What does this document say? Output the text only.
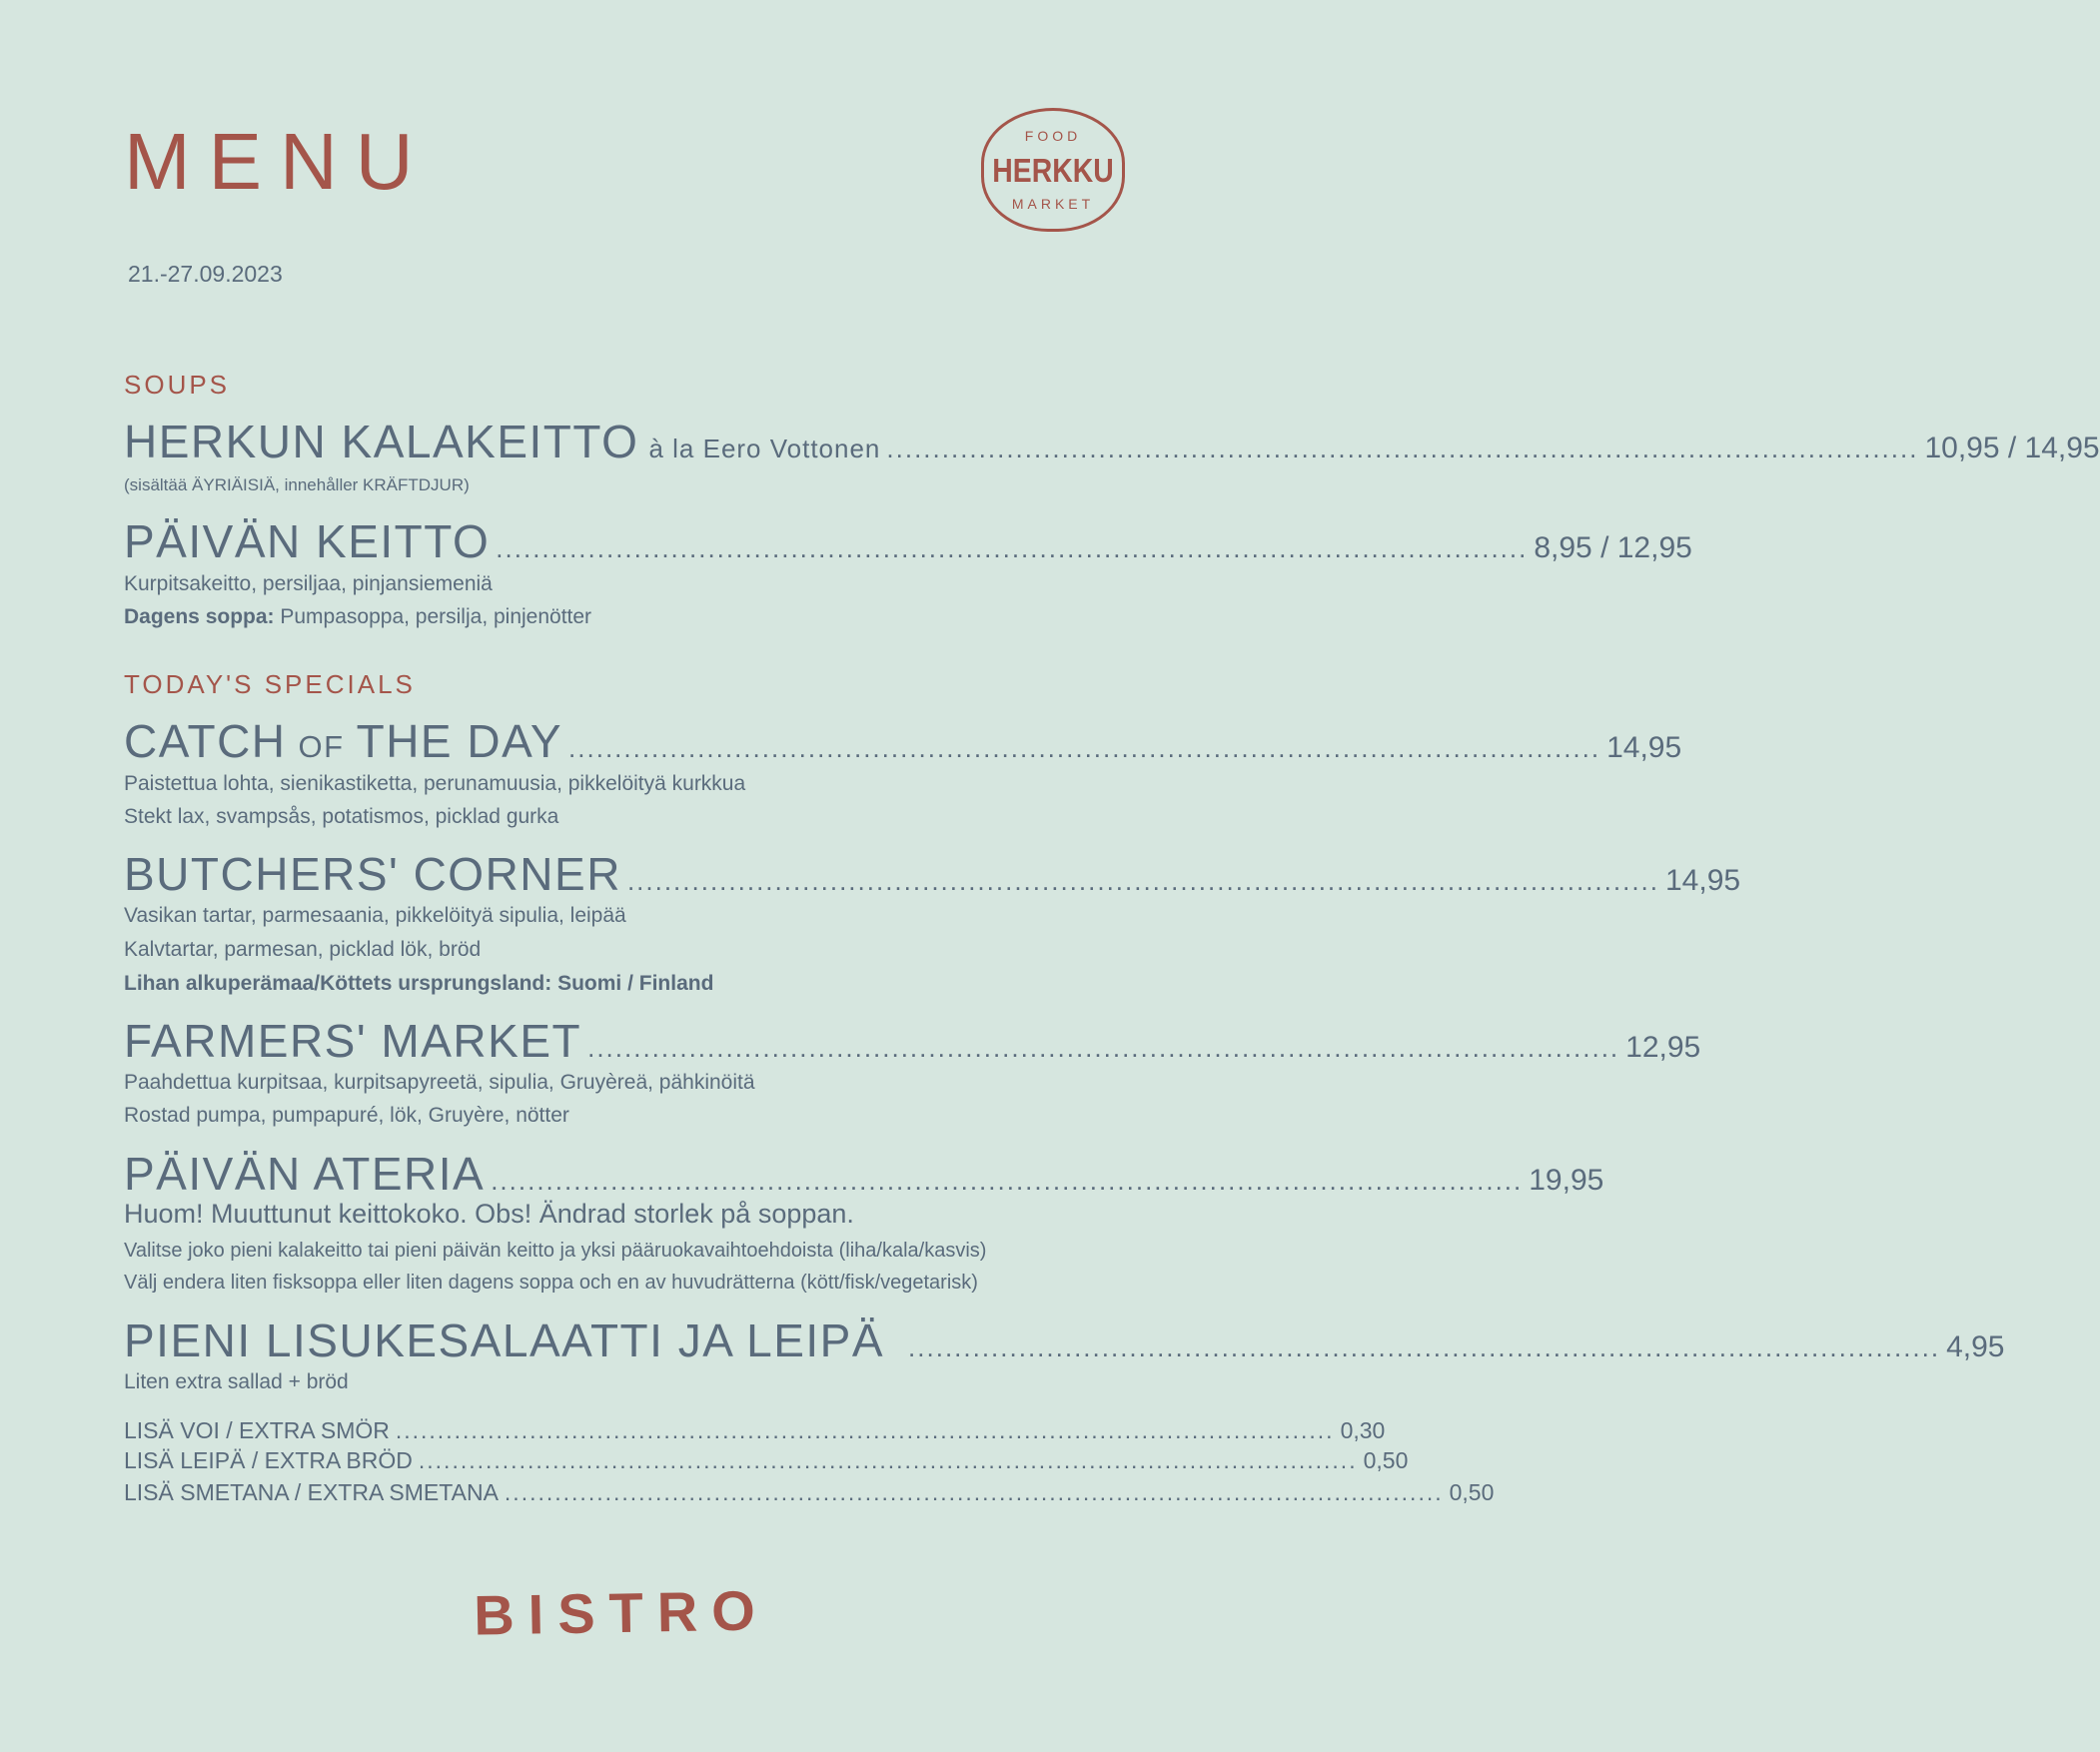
MENU
21.-27.09.2023
FOOD
HERKKU
MARKET
SOUPS
HERKUN KALAKEITTO à la Eero Vottonen ................................................................................................................ 10,95 / 14,95
(sisältää ÄYRIÄISIÄ, innehåller KRÄFTDJUR)
PÄIVÄN KEITTO ................................................................................................................ 8,95 / 12,95
Kurpitsakeitto, persiljaa, pinjansiemeniä
Dagens soppa: Pumpasoppa, persilja, pinjenötter
TODAY'S SPECIALS
CATCH OF THE DAY ................................................................................................................ 14,95
Paistettua lohta, sienikastiketta, perunamuusia, pikkelöityä kurkkua
Stekt lax, svampsås, potatismos, picklad gurka
BUTCHERS' CORNER ................................................................................................................ 14,95
Vasikan tartar, parmesaania, pikkelöityä sipulia, leipää
Kalvtartar, parmesan, picklad lök, bröd
Lihan alkuperämaa/Köttets ursprungsland: Suomi / Finland
FARMERS' MARKET ................................................................................................................ 12,95
Paahdettua kurpitsaa, kurpitsapyreetä, sipulia, Gruyèreä, pähkinöitä
Rostad pumpa, pumpapuré, lök, Gruyère, nötter
PÄIVÄN ATERIA ................................................................................................................ 19,95
Huom! Muuttunut keittokoko. Obs! Ändrad storlek på soppan.
Valitse joko pieni kalakeitto tai pieni päivän keitto ja yksi pääruokavaihtoehdoista (liha/kala/kasvis)
Välj endera liten fisksoppa eller liten dagens soppa och en av huvudrätterna (kött/fisk/vegetarisk)
PIENI LISUKESALAATTI JA LEIPÄ ................................................................................................................ 4,95
Liten extra sallad + bröd
LISÄ VOI / EXTRA SMÖR ................................................................................................................ 0,30
LISÄ LEIPÄ / EXTRA BRÖD ................................................................................................................ 0,50
LISÄ SMETANA / EXTRA SMETANA ................................................................................................................ 0,50
BISTRO
